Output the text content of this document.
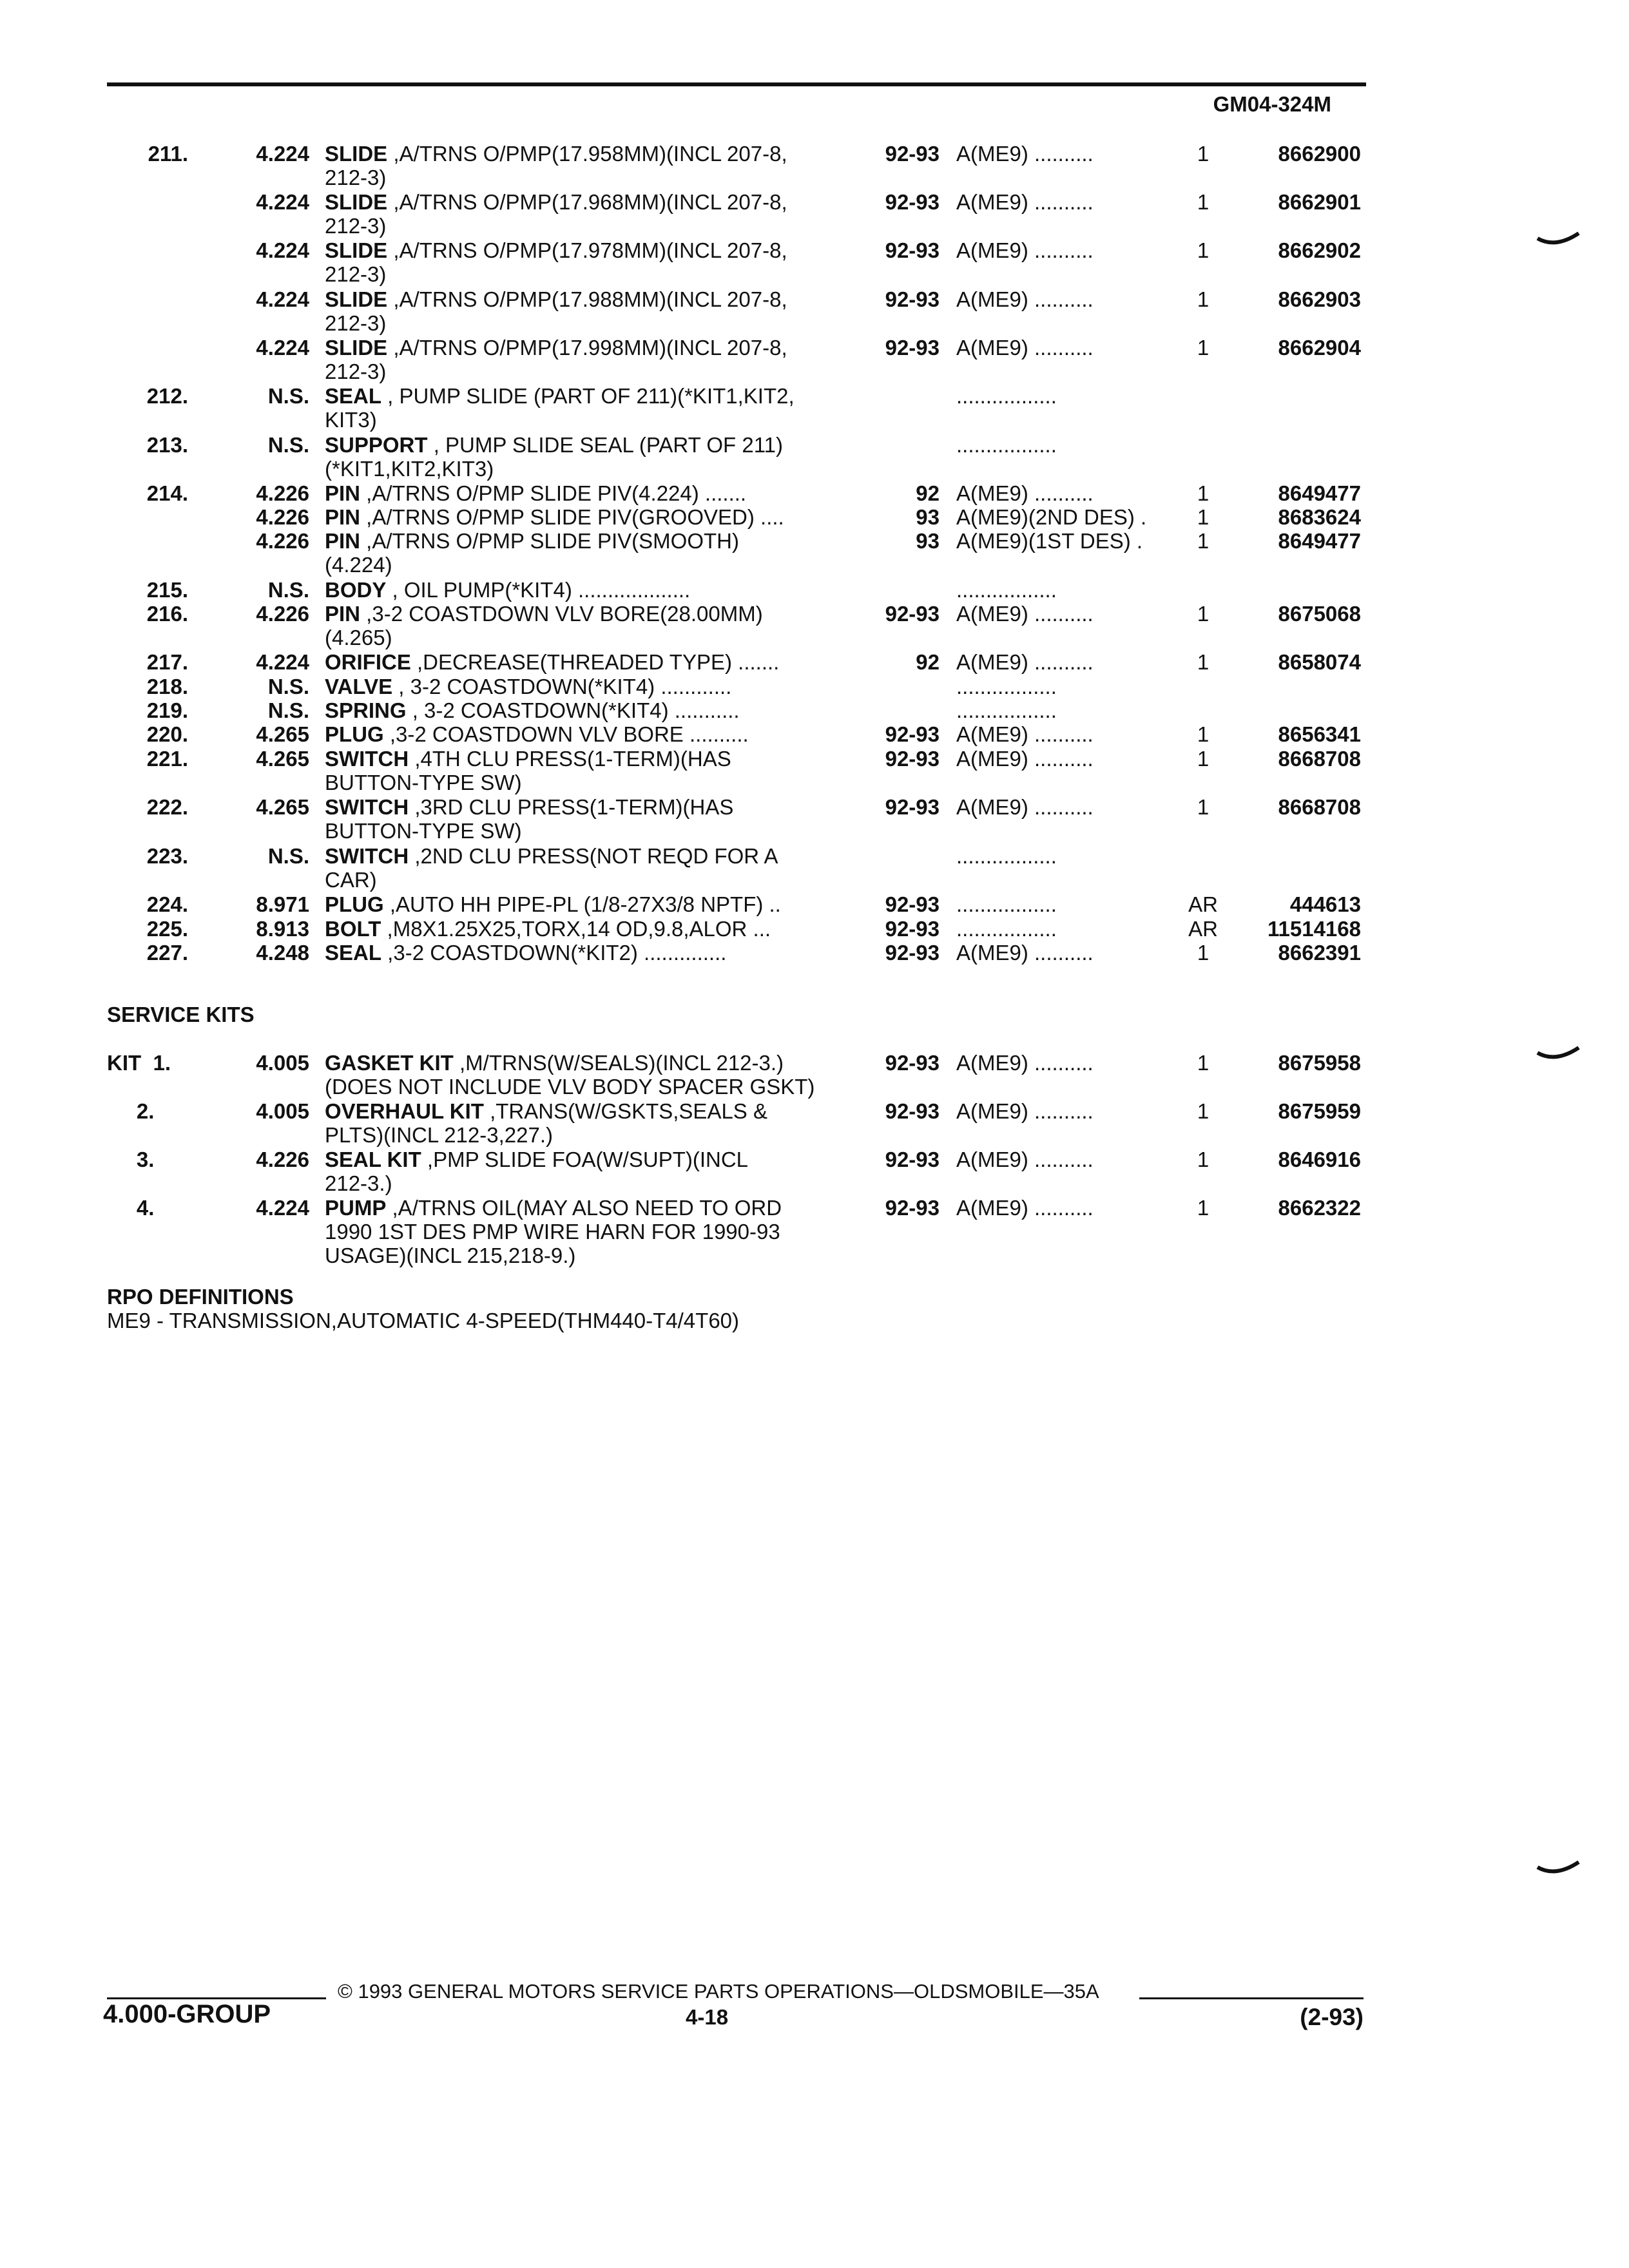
GM04-324M
211.	4.224 SLIDE ,A/TRNS O/PMP(17.958MM)(INCL 207-8,
212-3)
92-93 A(ME9) ..........	1	8662900
4.224 SLIDE ,A/TRNS O/PMP(17.968MM)(INCL 207-8,
212-3)
92-93 A(ME9) ..........	1	8662901
4.224 SLIDE ,A/TRNS O/PMP(17.978MM)(INCL 207-8,
212-3)
92-93 A(ME9) ..........	1	8662902
4.224 SLIDE ,A/TRNS O/PMP(17.988MM)(INCL 207-8,
212-3)
92-93 A(ME9) ..........	1	8662903
4.224 SLIDE ,A/TRNS O/PMP(17.998MM)(INCL 207-8,
212-3)
92-93 A(ME9) ..........	1	8662904
212.	N.S. SEAL , PUMP SLIDE (PART OF 211)(*KIT1,KIT2,
KIT3)
.................
213.	N.S. SUPPORT , PUMP SLIDE SEAL (PART OF 211)
(*KIT1,KIT2,KIT3)
.................
214.	4.226 PIN ,A/TRNS O/PMP SLIDE PIV(4.224) .......	92 A(ME9) ..........	1	8649477
4.226 PIN ,A/TRNS O/PMP SLIDE PIV(GROOVED) ....	93 A(ME9)(2ND DES) .	1	8683624
4.226 PIN ,A/TRNS O/PMP SLIDE PIV(SMOOTH)
(4.224)
93 A(ME9)(1ST DES) .	1	8649477
215.	N.S. BODY , OIL PUMP(*KIT4) ...................	.................
216.	4.226 PIN ,3-2 COASTDOWN VLV BORE(28.00MM)
(4.265)
92-93 A(ME9) ..........	1	8675068
217.	4.224 ORIFICE ,DECREASE(THREADED TYPE) .......	92 A(ME9) ..........	1	8658074
218.	N.S. VALVE , 3-2 COASTDOWN(*KIT4) ............	.................
219.	N.S. SPRING , 3-2 COASTDOWN(*KIT4) ...........	.................
220.	4.265 PLUG ,3-2 COASTDOWN VLV BORE ..........	92-93 A(ME9) ..........	1	8656341
221.	4.265 SWITCH ,4TH CLU PRESS(1-TERM)(HAS
BUTTON-TYPE SW)
92-93 A(ME9) ..........	1	8668708
222.	4.265 SWITCH ,3RD CLU PRESS(1-TERM)(HAS
BUTTON-TYPE SW)
92-93 A(ME9) ..........	1	8668708
223.	N.S. SWITCH ,2ND CLU PRESS(NOT REQD FOR A
CAR)
.................
224.	8.971 PLUG ,AUTO HH PIPE-PL (1/8-27X3/8 NPTF) ..	92-93 .................	AR	444613
225.	8.913 BOLT ,M8X1.25X25,TORX,14 OD,9.8,ALOR ...	92-93 .................	AR	11514168
227.	4.248 SEAL ,3-2 COASTDOWN(*KIT2) ..............	92-93 A(ME9) ..........	1	8662391
SERVICE KITS
KIT  1.	4.005 GASKET KIT ,M/TRNS(W/SEALS)(INCL 212-3.)
(DOES NOT INCLUDE VLV BODY SPACER GSKT)
92-93 A(ME9) ..........	1	8675958
2.	4.005 OVERHAUL KIT ,TRANS(W/GSKTS,SEALS &
PLTS)(INCL 212-3,227.)
92-93 A(ME9) ..........	1	8675959
3.	4.226 SEAL KIT ,PMP SLIDE FOA(W/SUPT)(INCL
212-3.)
92-93 A(ME9) ..........	1	8646916
4.	4.224 PUMP ,A/TRNS OIL(MAY ALSO NEED TO ORD
1990 1ST DES PMP WIRE HARN FOR 1990-93
USAGE)(INCL 215,218-9.)
92-93 A(ME9) ..........	1	8662322
RPO DEFINITIONS
ME9 - TRANSMISSION,AUTOMATIC 4-SPEED(THM440-T4/4T60)
© 1993 GENERAL MOTORS SERVICE PARTS OPERATIONS—OLDSMOBILE—35A
4.000-GROUP	4-18	(2-93)
